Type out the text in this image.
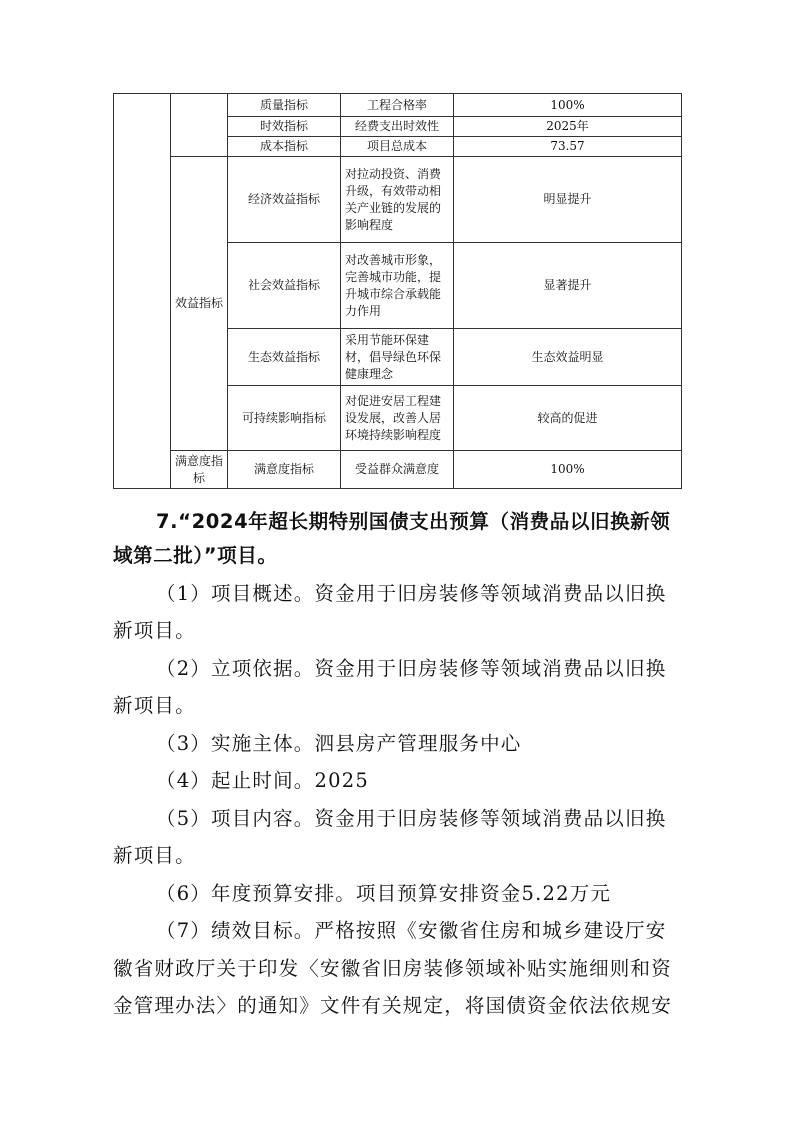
		质量指标	工程合格率	100%
		时效指标	经费支出时效性	2025年
		成本指标	项目总成本	73.57
	效益指标	经济效益指标	对拉动投资、消费升级，有效带动相关产业链的发展的影响程度	明显提升
		社会效益指标	对改善城市形象，完善城市功能，提升城市综合承载能力作用	显著提升
		生态效益指标	采用节能环保建材，倡导绿色环保健康理念	生态效益明显
		可持续影响指标	对促进安居工程建设发展，改善人居环境持续影响程度	较高的促进
	满意度指标	满意度指标	受益群众满意度	100%
7.“2024年超长期特别国债支出预算（消费品以旧换新领
域第二批）”项目。
（1）项目概述。资金用于旧房装修等领域消费品以旧换
新项目。
（2）立项依据。资金用于旧房装修等领域消费品以旧换
新项目。
（3）实施主体。泗县房产管理服务中心
（4）起止时间。2025
（5）项目内容。资金用于旧房装修等领域消费品以旧换
新项目。
（6）年度预算安排。项目预算安排资金5.22万元
（7）绩效目标。严格按照《安徽省住房和城乡建设厅安
徽省财政厅关于印发〈安徽省旧房装修领域补贴实施细则和资
金管理办法〉的通知》文件有关规定，将国债资金依法依规安
